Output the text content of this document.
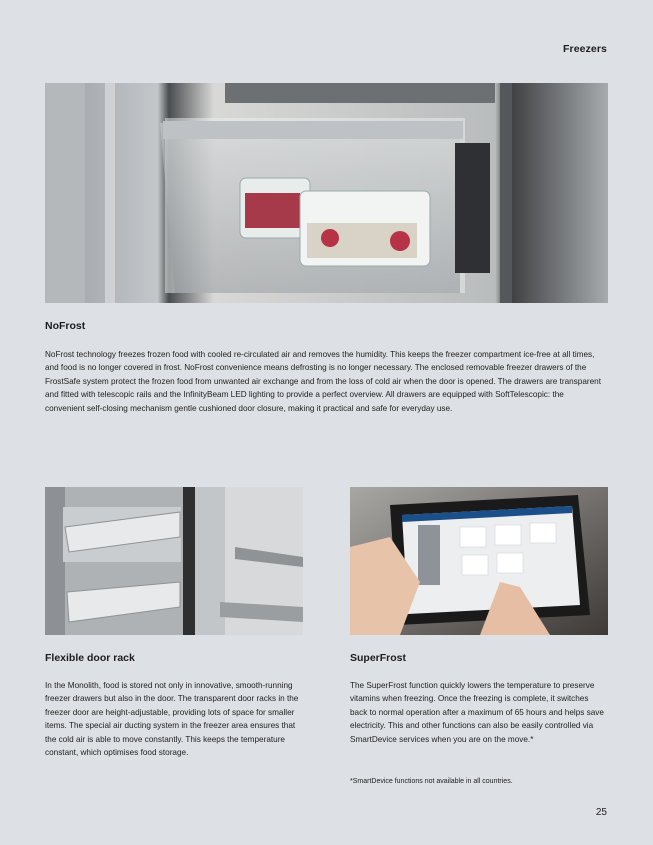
Freezers
NoFrost
NoFrost technology freezes frozen food with cooled re-circulated air and removes the humidity. This keeps the freezer compartment ice-free at all times, and food is no longer covered in frost. NoFrost convenience means defrosting is no longer necessary. The enclosed removable freezer drawers of the FrostSafe system protect the frozen food from unwanted air exchange and from the loss of cold air when the door is opened. The drawers are transparent and fitted with telescopic rails and the InfinityBeam LED lighting to provide a perfect overview. All drawers are equipped with SoftTelescopic: the convenient self-closing mechanism gentle cushioned door closure, making it practical and safe for everyday use.
Flexible door rack
In the Monolith, food is stored not only in innovative, smooth-running freezer drawers but also in the door. The transparent door racks in the freezer door are height-adjustable, providing lots of space for smaller items. The special air ducting system in the freezer area ensures that the cold air is able to move constantly. This keeps the temperature constant, which optimises food storage.
SuperFrost
The SuperFrost function quickly lowers the temperature to preserve vitamins when freezing. Once the freezing is complete, it switches back to normal operation after a maximum of 65 hours and helps save electricity. This and other functions can also be easily controlled via SmartDevice services when you are on the move.*
*SmartDevice functions not available in all countries.
25
